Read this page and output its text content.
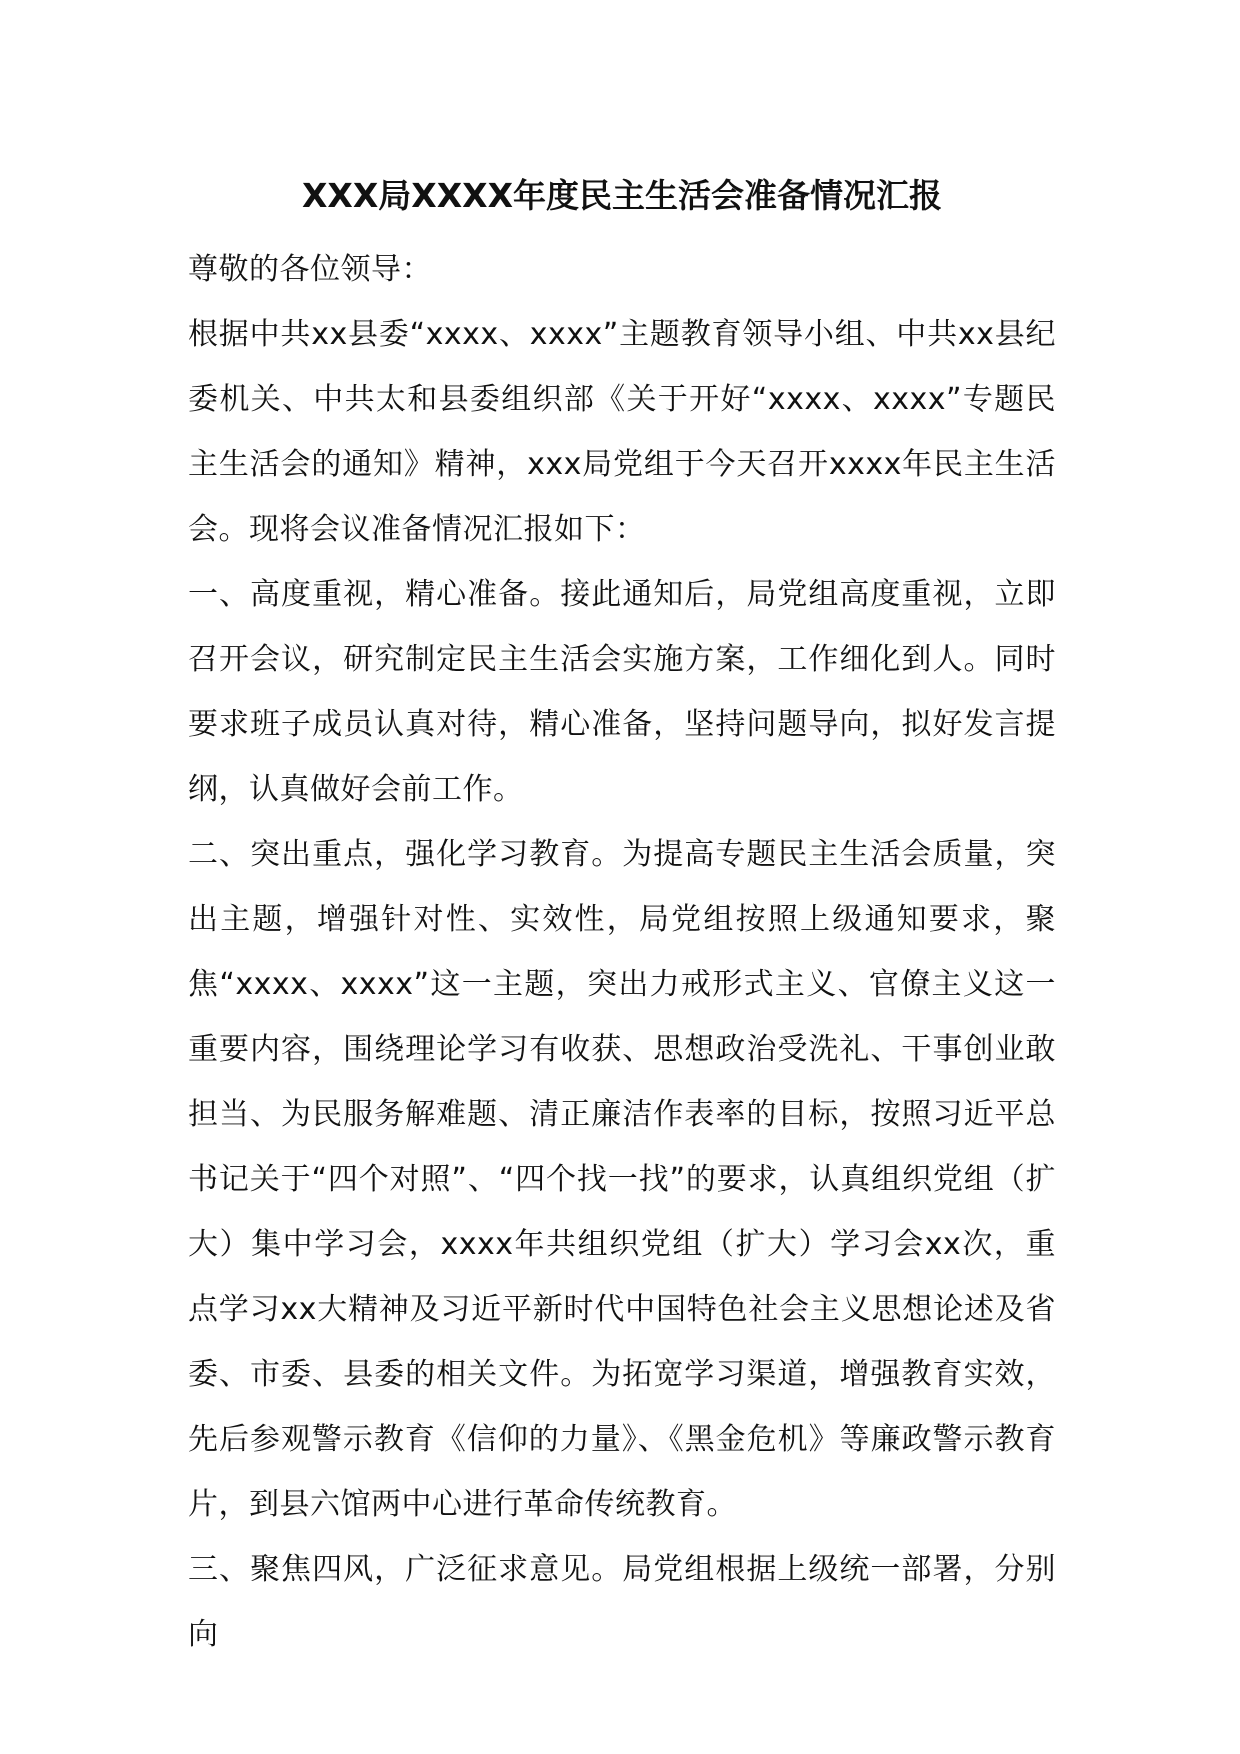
XXX局XXXX年度民主生活会准备情况汇报

尊敬的各位领导：

根据中共xx县委“xxxx、xxxx”主题教育领导小组、中共xx县纪委机关、中共太和县委组织部《关于开好“xxxx、xxxx”专题民主生活会的通知》精神，xxx局党组于今天召开xxxx年民主生活会。现将会议准备情况汇报如下：

一、高度重视，精心准备。接此通知后，局党组高度重视，立即召开会议，研究制定民主生活会实施方案，工作细化到人。同时要求班子成员认真对待，精心准备，坚持问题导向，拟好发言提纲，认真做好会前工作。

二、突出重点，强化学习教育。为提高专题民主生活会质量，突出主题，增强针对性、实效性，局党组按照上级通知要求，聚焦“xxxx、xxxx”这一主题，突出力戒形式主义、官僚主义这一重要内容，围绕理论学习有收获、思想政治受洗礼、干事创业敢担当、为民服务解难题、清正廉洁作表率的目标，按照习近平总书记关于“四个对照”、“四个找一找”的要求，认真组织党组（扩大）集中学习会，xxxx年共组织党组（扩大）学习会xx次，重点学习xx大精神及习近平新时代中国特色社会主义思想论述及省委、市委、县委的相关文件。为拓宽学习渠道，增强教育实效，先后参观警示教育《信仰的力量》、《黑金危机》等廉政警示教育片，到县六馆两中心进行革命传统教育。

三、聚焦四风，广泛征求意见。局党组根据上级统一部署，分别向
